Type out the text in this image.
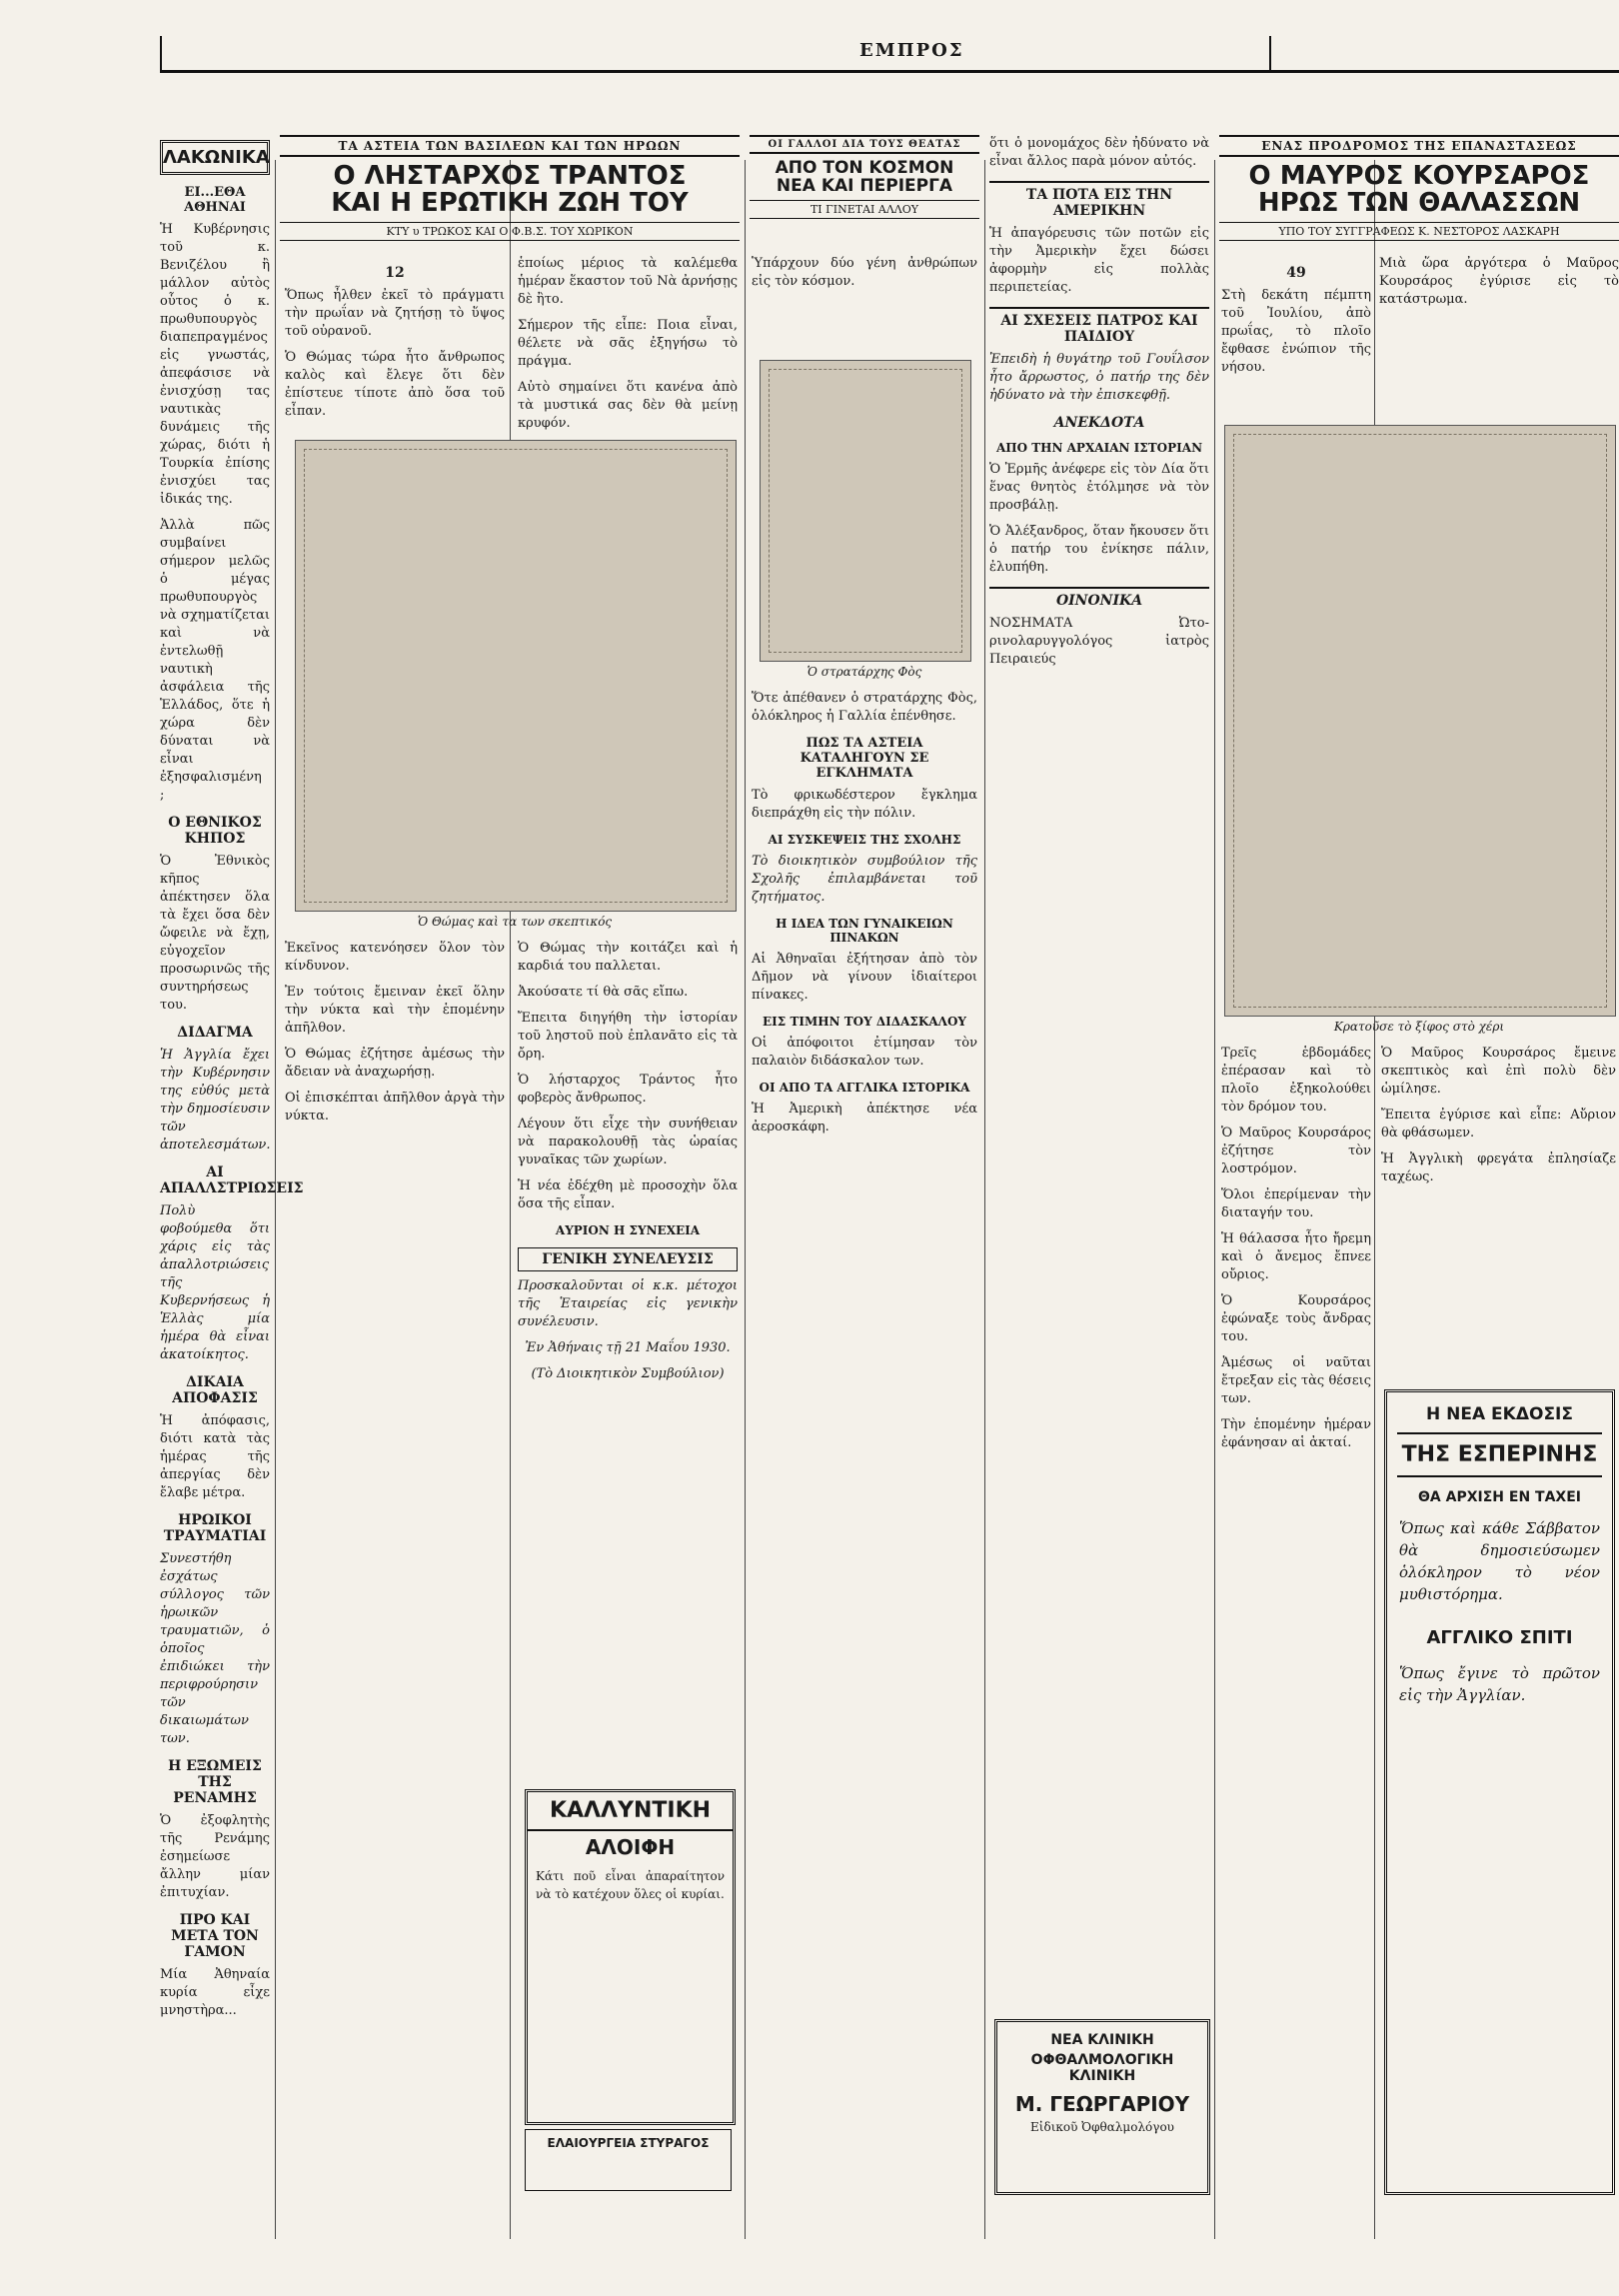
ΕΜΠΡΟΣ
ΛΑΚΩΝΙΚΑ
ΕΙ...ΕΘΑ ΑΘΗΝΑΙ

Ἡ Κυβέρνησις τοῦ κ. Βενιζέλου ἢ μάλλον αὐτὸς οὗτος ὁ κ. πρωθυπουργὸς διαπεπραγμένος εἰς γνωστάς, ἀπεφάσισε νὰ ἐνισχύσῃ τας ναυτικὰς δυνάμεις τῆς χώρας, διότι ἡ Τουρκία ἐπίσης ἐνισχύει τας ἰδικάς της.

Ἀλλὰ πῶς συμβαίνει σήμερον μελῶς ὁ μέγας πρωθυπουργὸς νὰ σχηματίζεται καὶ νὰ ἐντελωθῇ ναυτικὴ ἀσφάλεια τῆς Ἑλλάδος, ὅτε ἡ χώρα δὲν δύναται νὰ εἶναι ἐξησφαλισμένη ;

Ο ΕΘΝΙΚΟΣ ΚΗΠΟΣ

Ὁ Ἐθνικὸς κῆπος ἀπέκτησεν ὅλα τὰ ἔχει ὅσα δὲν ὤφειλε νὰ ἔχῃ, εὐγοχεῖον προσωρινῶς τῆς συντηρήσεως του.

ΔΙΔΑΓΜΑ

Ἡ Ἀγγλία ἔχει τὴν Κυβέρνησιν της εὐθύς μετὰ τὴν δημοσίευσιν τῶν ἀποτελεσμάτων.

ΑΙ ΑΠΑΛΛΣΤΡΙΩΣΕΙΣ

Πολὺ φοβούμεθα ὅτι χάρις εἰς τὰς ἀπαλλοτριώσεις τῆς Κυβερνήσεως ἡ Ἑλλὰς μία ἡμέρα θὰ εἶναι ἀκατοίκητος.

ΔΙΚΑΙΑ ΑΠΟΦΑΣΙΣ

Ἡ ἀπόφασις, διότι κατὰ τὰς ἡμέρας τῆς ἀπεργίας δὲν ἔλαβε μέτρα.

ΗΡΩΙΚΟΙ ΤΡΑΥΜΑΤΙΑΙ

Συνεστήθη ἐσχάτως σύλλογος τῶν ἡρωικῶν τραυματιῶν, ὁ ὁποῖος ἐπιδιώκει τὴν περιφρούρησιν τῶν δικαιωμάτων των.

Η ΕΞΩΜΕΙΣ ΤΗΣ ΡΕΝΑΜΗΣ

Ὁ ἐξοφλητὴς τῆς Ρενάμης ἐσημείωσε ἄλλην μίαν ἐπιτυχίαν.

ΠΡΟ ΚΑΙ ΜΕΤΑ ΤΟΝ ΓΑΜΟΝ

Μία Ἀθηναία κυρία εἶχε μνηστὴρα...

ΤΑ ΑΣΤΕΙΑ ΤΩΝ ΒΑΣΙΛΕΩΝ ΚΑΙ ΤΩΝ ΗΡΩΩΝ
Ο ΛΗΣΤΑΡΧΟΣ ΤΡΑΝΤΟΣ
ΚΑΙ Η ΕΡΩΤΙΚΗ ΖΩΗ ΤΟΥ
ΚΤΥ υ ΤΡΩΚΟΣ ΚΑΙ Ο Φ.Β.Σ. ΤΟΥ ΧΩΡΙΚΟΝ
12

Ὅπως ἦλθεν ἐκεῖ τὸ πράγματι τὴν πρωΐαν νὰ ζητήσῃ τὸ ὕψος τοῦ οὐρανοῦ.

Ὁ Θώμας τώρα ἦτο ἄνθρωπος καλὸς καὶ ἔλεγε ὅτι δὲν ἐπίστευε τίποτε ἀπὸ ὅσα τοῦ εἶπαν.

ἑποίως μέριος τὰ καλέμεθα ἡμέραν ἕκαστον τοῦ Νὰ ἀρνήσῃς δὲ ἢτο.

Σήμερον τῆς εἶπε: Ποια εἶναι, θέλετε νὰ σᾶς ἐξηγήσω τὸ πράγμα.

Αὐτὸ σημαίνει ὅτι κανένα ἀπὸ τὰ μυστικά σας δὲν θὰ μείνῃ κρυφόν.

Ὁ Θώμας καὶ τα των σκεπτικός

Ἐκεῖνος κατενόησεν ὅλον τὸν κίνδυνον.

Ἐν τούτοις ἔμειναν ἐκεῖ ὅλην τὴν νύκτα καὶ τὴν ἑπομένην ἀπῆλθον.

Ὁ Θώμας ἐζήτησε ἀμέσως τὴν ἄδειαν νὰ ἀναχωρήσῃ.

Οἱ ἐπισκέπται ἀπῆλθον ἀργὰ τὴν νύκτα.

Ὁ Θώμας τὴν κοιτάζει καὶ ἡ καρδιά του παλλεται.

Ἀκούσατε τί θὰ σᾶς εἴπω.

Ἔπειτα διηγήθη τὴν ἱστορίαν τοῦ ληστοῦ ποὺ ἐπλανᾶτο εἰς τὰ ὄρη.

Ὁ λήσταρχος Τράντος ἦτο φοβερὸς ἄνθρωπος.

Λέγουν ὅτι εἶχε τὴν συνήθειαν νὰ παρακολουθῇ τὰς ὡραίας γυναῖκας τῶν χωρίων.

Ἡ νέα ἐδέχθη μὲ προσοχὴν ὅλα ὅσα τῆς εἶπαν.

ΑΥΡΙΟΝ Η ΣΥΝΕΧΕΙΑ
ΓΕΝΙΚΗ ΣΥΝΕΛΕΥΣΙΣ

Προσκαλοῦνται οἱ κ.κ. μέτοχοι τῆς Ἑταιρείας εἰς γενικὴν συνέλευσιν.

Ἐν Ἀθήναις τῇ 21 Μαΐου 1930.

(Τὸ Διοικητικὸν Συμβούλιον)

ΚΑΛΛΥΝΤΙΚΗ
ΑΛΟΙΦΗ

Κάτι ποῦ εἶναι ἀπαραίτητον νὰ τὸ κατέχουν ὅλες οἱ κυρίαι.

ΕΛΑΙΟΥΡΓΕΙΑ ΣΤΥΡΑΓΟΣ
ΟΙ ΓΑΛΛΟΙ ΔΙΑ ΤΟΥΣ ΘΕΑΤΑΣ
ΑΠΟ ΤΟΝ ΚΟΣΜΟΝ
ΝΕΑ ΚΑΙ ΠΕΡΙΕΡΓΑ
ΤΙ ΓΙΝΕΤΑΙ ΑΛΛΟΥ

Ὑπάρχουν δύο γένη ἀνθρώπων εἰς τὸν κόσμον.

Ὁ στρατάρχης Φὸς

Ὅτε ἀπέθανεν ὁ στρατάρχης Φὸς, ὁλόκληρος ἡ Γαλλία ἐπένθησε.

ΠΩΣ ΤΑ ΑΣΤΕΙΑ ΚΑΤΑΛΗΓΟΥΝ ΣΕ ΕΓΚΛΗΜΑΤΑ

Τὸ φρικωδέστερον ἔγκλημα διεπράχθη εἰς τὴν πόλιν.

ΑΙ ΣΥΣΚΕΨΕΙΣ ΤΗΣ ΣΧΟΛΗΣ

Τὸ διοικητικὸν συμβούλιον τῆς Σχολῆς ἐπιλαμβάνεται τοῦ ζητήματος.

Η ΙΔΕΑ ΤΩΝ ΓΥΝΑΙΚΕΙΩΝ ΠΙΝΑΚΩΝ

Αἱ Ἀθηναῖαι ἐξήτησαν ἀπὸ τὸν Δῆμον νὰ γίνουν ἰδιαίτεροι πίνακες.

ΕΙΣ ΤΙΜΗΝ ΤΟΥ ΔΙΔΑΣΚΑΛΟΥ

Οἱ ἀπόφοιτοι ἐτίμησαν τὸν παλαιὸν διδάσκαλον των.

ΟΙ ΑΠΟ ΤΑ ΑΓΓΛΙΚΑ ΙΣΤΟΡΙΚΑ

Ἡ Ἀμερικὴ ἀπέκτησε νέα ἀεροσκάφη.

ὅτι ὁ μονομάχος δὲν ἠδύνατο νὰ εἶναι ἄλλος παρὰ μόνον αὐτός.

ΤΑ ΠΟΤΑ ΕΙΣ ΤΗΝ ΑΜΕΡΙΚΗΝ

Ἡ ἀπαγόρευσις τῶν ποτῶν εἰς τὴν Ἀμερικὴν ἔχει δώσει ἀφορμὴν εἰς πολλὰς περιπετείας.

ΑΙ ΣΧΕΣΕΙΣ ΠΑΤΡΟΣ ΚΑΙ ΠΑΙΔΙΟΥ

Ἐπειδὴ ἡ θυγάτηρ τοῦ Γουΐλσον ἦτο ἄρρωστος, ὁ πατήρ της δὲν ἠδύνατο νὰ τὴν ἐπισκεφθῇ.

ΑΝΕΚΔΟΤΑ
ΑΠΟ ΤΗΝ ΑΡΧΑΙΑΝ ΙΣΤΟΡΙΑΝ

Ὁ Ἐρμῆς ἀνέφερε εἰς τὸν Δία ὅτι ἕνας θνητὸς ἐτόλμησε νὰ τὸν προσβάλῃ.

Ὁ Ἀλέξανδρος, ὅταν ἤκουσεν ὅτι ὁ πατήρ του ἐνίκησε πάλιν, ἐλυπήθη.

ΟΙΝΟΝΙΚΑ

ΝΟΣΗΜΑΤΑ Ὠτο-ρινολαρυγγολόγος ἰατρὸς Πειραιεύς

ΝΕΑ ΚΛΙΝΙΚΗ
ΟΦΘΑΛΜΟΛΟΓΙΚΗ ΚΛΙΝΙΚΗ
Μ. ΓΕΩΡΓΑΡΙΟΥ
Εἰδικοῦ Ὀφθαλμολόγου
ΕΝΑΣ ΠΡΟΔΡΟΜΟΣ ΤΗΣ ΕΠΑΝΑΣΤΑΣΕΩΣ
Ο ΜΑΥΡΟΣ ΚΟΥΡΣΑΡΟΣ
ΗΡΩΣ ΤΩΝ ΘΑΛΑΣΣΩΝ
ΥΠΟ ΤΟΥ ΣΥΓΓΡΑΦΕΩΣ Κ. ΝΕΣΤΟΡΟΣ ΛΑΣΚΑΡΗ
49

Στὴ δεκάτη πέμπτη τοῦ Ἰουλίου, ἀπὸ πρωΐας, τὸ πλοῖο ἔφθασε ἐνώπιον τῆς νήσου.

Μιὰ ὥρα ἀργότερα ὁ Μαῦρος Κουρσάρος ἐγύρισε εἰς τὸ κατάστρωμα.

Κρατοῦσε τὸ ξίφος στὸ χέρι

Τρεῖς ἑβδομάδες ἐπέρασαν καὶ τὸ πλοῖο ἐξηκολούθει τὸν δρόμον του.

Ὁ Μαῦρος Κουρσάρος ἐζήτησε τὸν λοστρόμον.

Ὅλοι ἐπερίμεναν τὴν διαταγήν του.

Ἡ θάλασσα ἦτο ἤρεμη καὶ ὁ ἄνεμος ἔπνεε οὔριος.

Ὁ Κουρσάρος ἐφώναξε τοὺς ἄνδρας του.

Ἀμέσως οἱ ναῦται ἔτρεξαν εἰς τὰς θέσεις των.

Τὴν ἑπομένην ἡμέραν ἐφάνησαν αἱ ἀκταί.

Ὁ Μαῦρος Κουρσάρος ἔμεινε σκεπτικὸς καὶ ἐπὶ πολὺ δὲν ὡμίλησε.

Ἔπειτα ἐγύρισε καὶ εἶπε: Αὔριον θὰ φθάσωμεν.

Ἡ Ἀγγλικὴ φρεγάτα ἐπλησίαζε ταχέως.

Η ΝΕΑ ΕΚΔΟΣΙΣ
ΤΗΣ ΕΣΠΕΡΙΝΗΣ
ΘΑ ΑΡΧΙΣΗ ΕΝ ΤΑΧΕΙ

Ὅπως καὶ κάθε Σάββατον θὰ δημοσιεύσωμεν ὁλόκληρον τὸ νέον μυθιστόρημα.

ΑΓΓΛΙΚΟ ΣΠΙΤΙ

Ὅπως ἔγινε τὸ πρῶτον εἰς τὴν Ἀγγλίαν.
